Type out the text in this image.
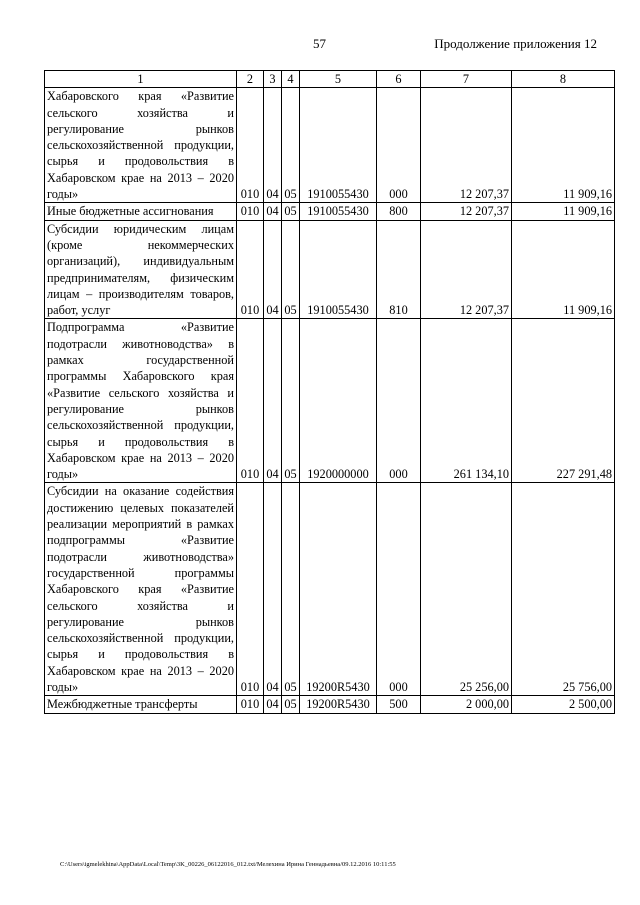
57	Продолжение приложения 12
1	2	3	4	5	6	7	8
Хабаровского края «Развитие сельского хозяйства и регулирование рынков сельскохозяйственной продукции, сырья и продовольствия в Хабаровском крае на 2013 – 2020 годы»	010	04	05	1910055430	000	12 207,37	11 909,16
Иные бюджетные ассигнования	010	04	05	1910055430	800	12 207,37	11 909,16
Субсидии юридическим лицам (кроме некоммерческих организаций), индивидуальным предпринимателям, физическим лицам – производителям товаров, работ, услуг	010	04	05	1910055430	810	12 207,37	11 909,16
Подпрограмма «Развитие подотрасли животноводства» в рамках государственной программы Хабаровского края «Развитие сельского хозяйства и регулирование рынков сельскохозяйственной продукции, сырья и продовольствия в Хабаровском крае на 2013 – 2020 годы»	010	04	05	1920000000	000	261 134,10	227 291,48
Субсидии на оказание содействия достижению целевых показателей реализации мероприятий в рамках подпрограммы «Развитие подотрасли животноводства» государственной программы Хабаровского края «Развитие сельского хозяйства и регулирование рынков сельскохозяйственной продукции, сырья и продовольствия в Хабаровском крае на 2013 – 2020 годы»	010	04	05	19200R5430	000	25 256,00	25 756,00
Межбюджетные трансферты	010	04	05	19200R5430	500	2 000,00	2 500,00
C:\Users\igmelekhina\AppData\Local\Temp\3K_00226_06122016_012.txt/Мелехина Ирина Геннадьевна/09.12.2016 10:11:55
